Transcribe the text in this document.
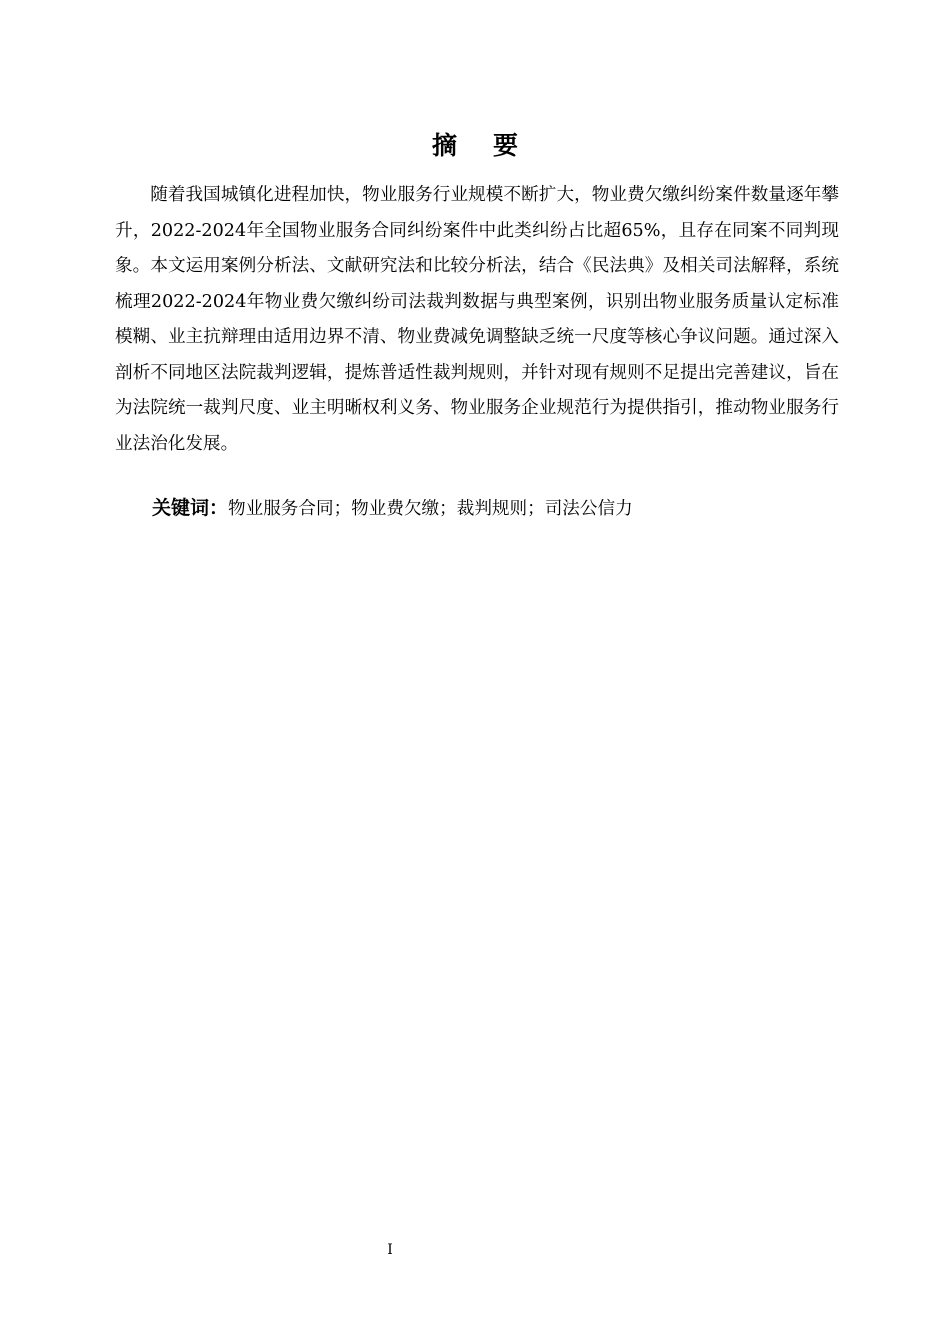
摘 要

随着我国城镇化进程加快，物业服务行业规模不断扩大，物业费欠缴纠纷案件数量逐年攀升，2022-2024年全国物业服务合同纠纷案件中此类纠纷占比超65%，且存在同案不同判现象。本文运用案例分析法、文献研究法和比较分析法，结合《民法典》及相关司法解释，系统梳理2022-2024年物业费欠缴纠纷司法裁判数据与典型案例，识别出物业服务质量认定标准模糊、业主抗辩理由适用边界不清、物业费减免调整缺乏统一尺度等核心争议问题。通过深入剖析不同地区法院裁判逻辑，提炼普适性裁判规则，并针对现有规则不足提出完善建议，旨在为法院统一裁判尺度、业主明晰权利义务、物业服务企业规范行为提供指引，推动物业服务行业法治化发展。

关键词：物业服务合同；物业费欠缴；裁判规则；司法公信力

I
